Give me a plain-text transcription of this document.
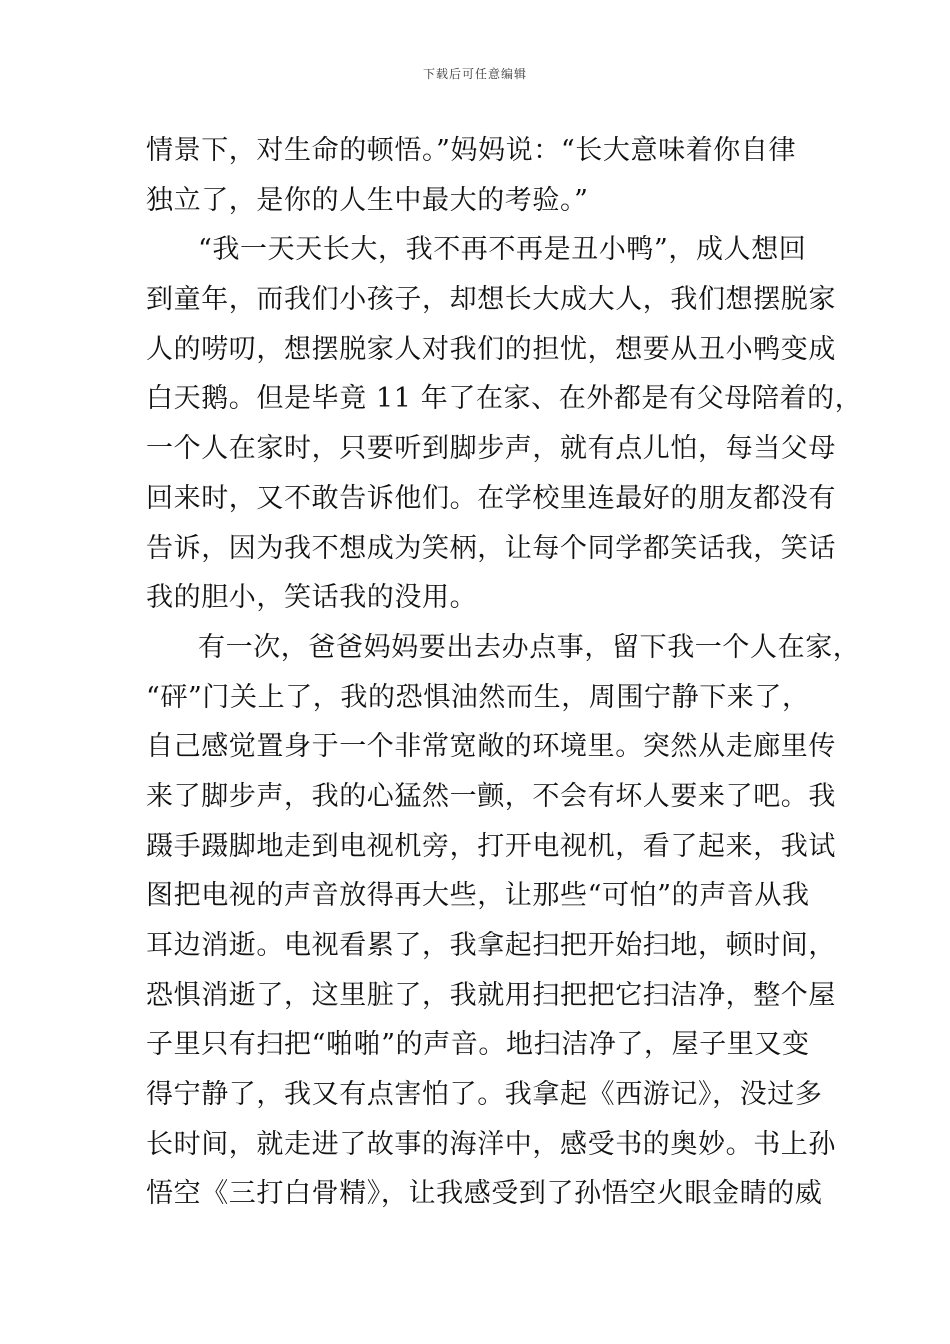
下载后可任意编辑
情景下，对生命的顿悟。”妈妈说：“长大意味着你自律
独立了，是你的人生中最大的考验。”
“我一天天长大，我不再不再是丑小鸭”，成人想回
到童年，而我们小孩子，却想长大成大人，我们想摆脱家
人的唠叨，想摆脱家人对我们的担忧，想要从丑小鸭变成
白天鹅。但是毕竟 11 年了在家、在外都是有父母陪着的，
一个人在家时，只要听到脚步声，就有点儿怕，每当父母
回来时，又不敢告诉他们。在学校里连最好的朋友都没有
告诉，因为我不想成为笑柄，让每个同学都笑话我，笑话
我的胆小，笑话我的没用。
有一次，爸爸妈妈要出去办点事，留下我一个人在家，
“砰”门关上了，我的恐惧油然而生，周围宁静下来了，
自己感觉置身于一个非常宽敞的环境里。突然从走廊里传
来了脚步声，我的心猛然一颤，不会有坏人要来了吧。我
蹑手蹑脚地走到电视机旁，打开电视机，看了起来，我试
图把电视的声音放得再大些，让那些“可怕”的声音从我
耳边消逝。电视看累了，我拿起扫把开始扫地，顿时间，
恐惧消逝了，这里脏了，我就用扫把把它扫洁净，整个屋
子里只有扫把“啪啪”的声音。地扫洁净了，屋子里又变
得宁静了，我又有点害怕了。我拿起《西游记》，没过多
长时间，就走进了故事的海洋中，感受书的奥妙。书上孙
悟空《三打白骨精》，让我感受到了孙悟空火眼金睛的威
